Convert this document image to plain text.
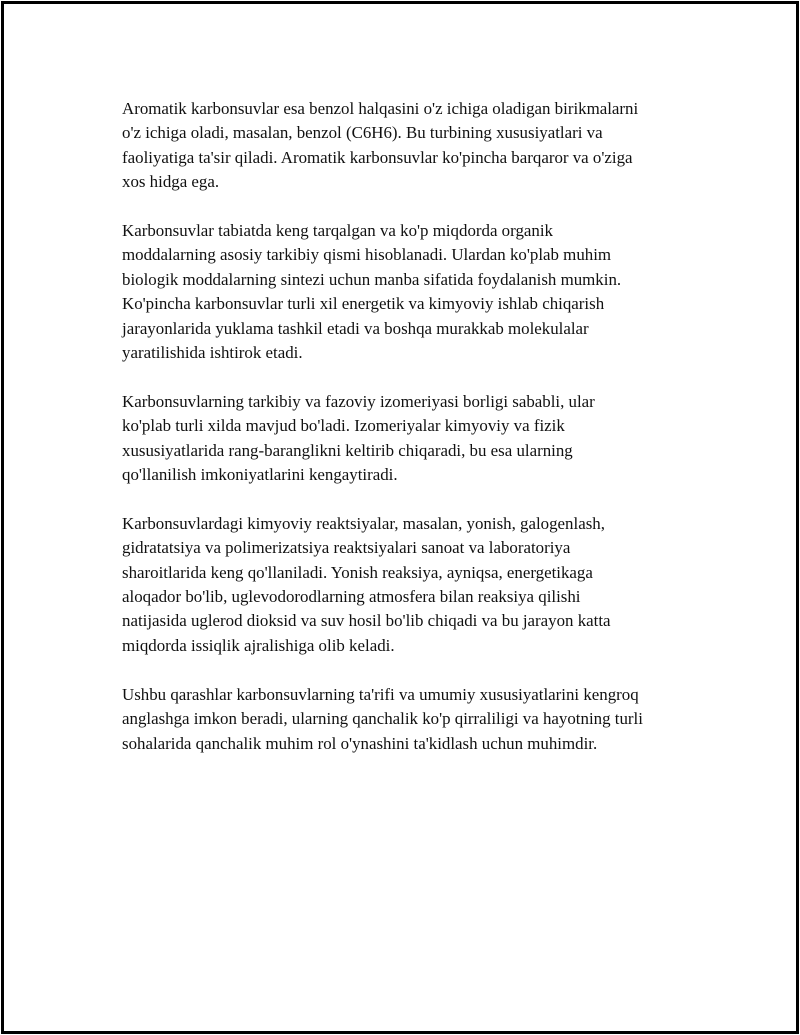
Aromatik karbonsuvlar esa benzol halqasini o'z ichiga oladigan birikmalarni
o'z ichiga oladi, masalan, benzol (C6H6). Bu turbining xususiyatlari va
faoliyatiga ta'sir qiladi. Aromatik karbonsuvlar ko'pincha barqaror va o'ziga
xos hidga ega.

Karbonsuvlar tabiatda keng tarqalgan va ko'p miqdorda organik
moddalarning asosiy tarkibiy qismi hisoblanadi. Ulardan ko'plab muhim
biologik moddalarning sintezi uchun manba sifatida foydalanish mumkin.
Ko'pincha karbonsuvlar turli xil energetik va kimyoviy ishlab chiqarish
jarayonlarida yuklama tashkil etadi va boshqa murakkab molekulalar
yaratilishida ishtirok etadi.

Karbonsuvlarning tarkibiy va fazoviy izomeriyasi borligi sababli, ular
ko'plab turli xilda mavjud bo'ladi. Izomeriyalar kimyoviy va fizik
xususiyatlarida rang-baranglikni keltirib chiqaradi, bu esa ularning
qo'llanilish imkoniyatlarini kengaytiradi.

Karbonsuvlardagi kimyoviy reaktsiyalar, masalan, yonish, galogenlash,
gidratatsiya va polimerizatsiya reaktsiyalari sanoat va laboratoriya
sharoitlarida keng qo'llaniladi. Yonish reaksiya, ayniqsa, energetikaga
aloqador bo'lib, uglevodorodlarning atmosfera bilan reaksiya qilishi
natijasida uglerod dioksid va suv hosil bo'lib chiqadi va bu jarayon katta
miqdorda issiqlik ajralishiga olib keladi.

Ushbu qarashlar karbonsuvlarning ta'rifi va umumiy xususiyatlarini kengroq
anglashga imkon beradi, ularning qanchalik ko'p qirraliligi va hayotning turli
sohalarida qanchalik muhim rol o'ynashini ta'kidlash uchun muhimdir.
